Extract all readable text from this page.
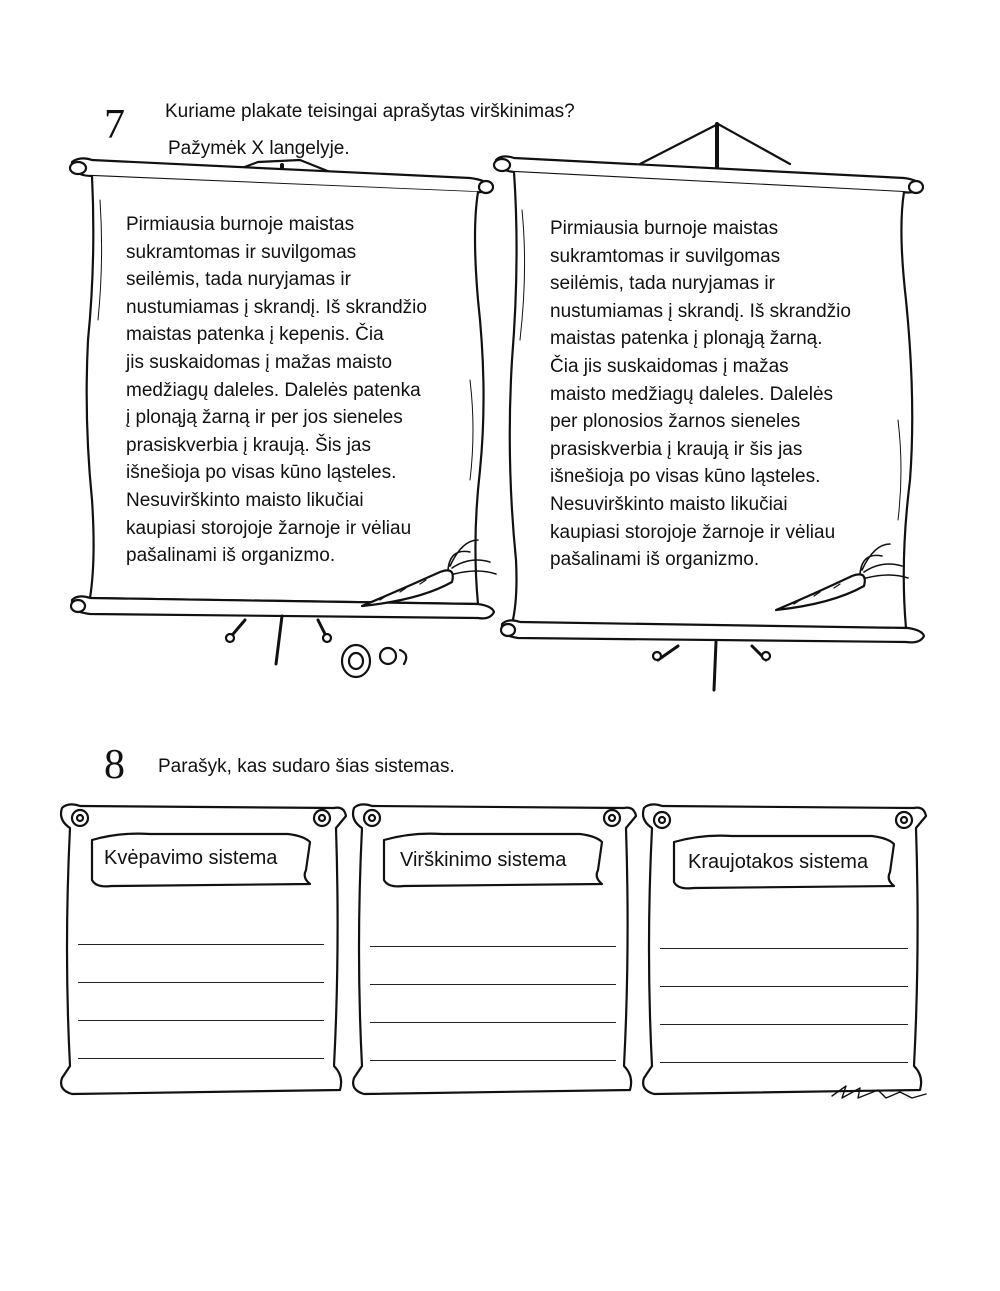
7 Kuriame plakate teisingai aprašytas virškinimas?
Pažymėk X langelyje.
Pirmiausia burnoje maistas
sukramtomas ir suvilgomas
seilėmis, tada nuryjamas ir
nustumiamas į skrandį. Iš skrandžio
maistas patenka į kepenis. Čia
jis suskaidomas į mažas maisto
medžiagų daleles. Dalelės patenka
į plonąją žarną ir per jos sieneles
prasiskverbia į kraują. Šis jas
išnešioja po visas kūno ląsteles.
Nesuvirškinto maisto likučiai
kaupiasi storojoje žarnoje ir vėliau
pašalinami iš organizmo.
Pirmiausia burnoje maistas
sukramtomas ir suvilgomas
seilėmis, tada nuryjamas ir
nustumiamas į skrandį. Iš skrandžio
maistas patenka į plonąją žarną.
Čia jis suskaidomas į mažas
maisto medžiagų daleles. Dalelės
per plonosios žarnos sieneles
prasiskverbia į kraują ir šis jas
išnešioja po visas kūno ląsteles.
Nesuvirškinto maisto likučiai
kaupiasi storojoje žarnoje ir vėliau
pašalinami iš organizmo.
8 Parašyk, kas sudaro šias sistemas.
Kvėpavimo sistema	Virškinimo sistema	Kraujotakos sistema
